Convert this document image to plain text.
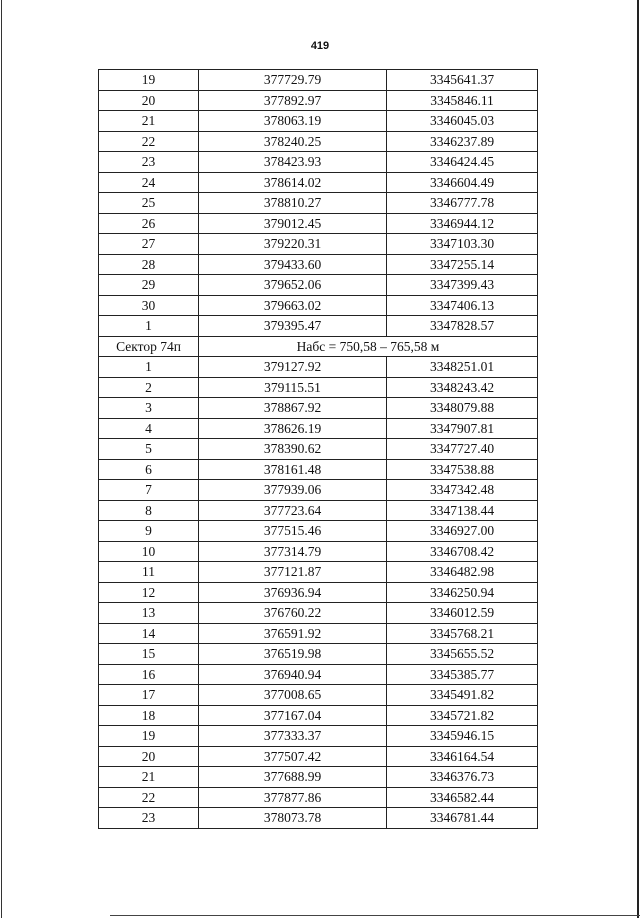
419
19	377729.79	3345641.37
20	377892.97	3345846.11
21	378063.19	3346045.03
22	378240.25	3346237.89
23	378423.93	3346424.45
24	378614.02	3346604.49
25	378810.27	3346777.78
26	379012.45	3346944.12
27	379220.31	3347103.30
28	379433.60	3347255.14
29	379652.06	3347399.43
30	379663.02	3347406.13
1	379395.47	3347828.57
Сектор 74п	Набс = 750,58 – 765,58 м	
1	379127.92	3348251.01
2	379115.51	3348243.42
3	378867.92	3348079.88
4	378626.19	3347907.81
5	378390.62	3347727.40
6	378161.48	3347538.88
7	377939.06	3347342.48
8	377723.64	3347138.44
9	377515.46	3346927.00
10	377314.79	3346708.42
11	377121.87	3346482.98
12	376936.94	3346250.94
13	376760.22	3346012.59
14	376591.92	3345768.21
15	376519.98	3345655.52
16	376940.94	3345385.77
17	377008.65	3345491.82
18	377167.04	3345721.82
19	377333.37	3345946.15
20	377507.42	3346164.54
21	377688.99	3346376.73
22	377877.86	3346582.44
23	378073.78	3346781.44
